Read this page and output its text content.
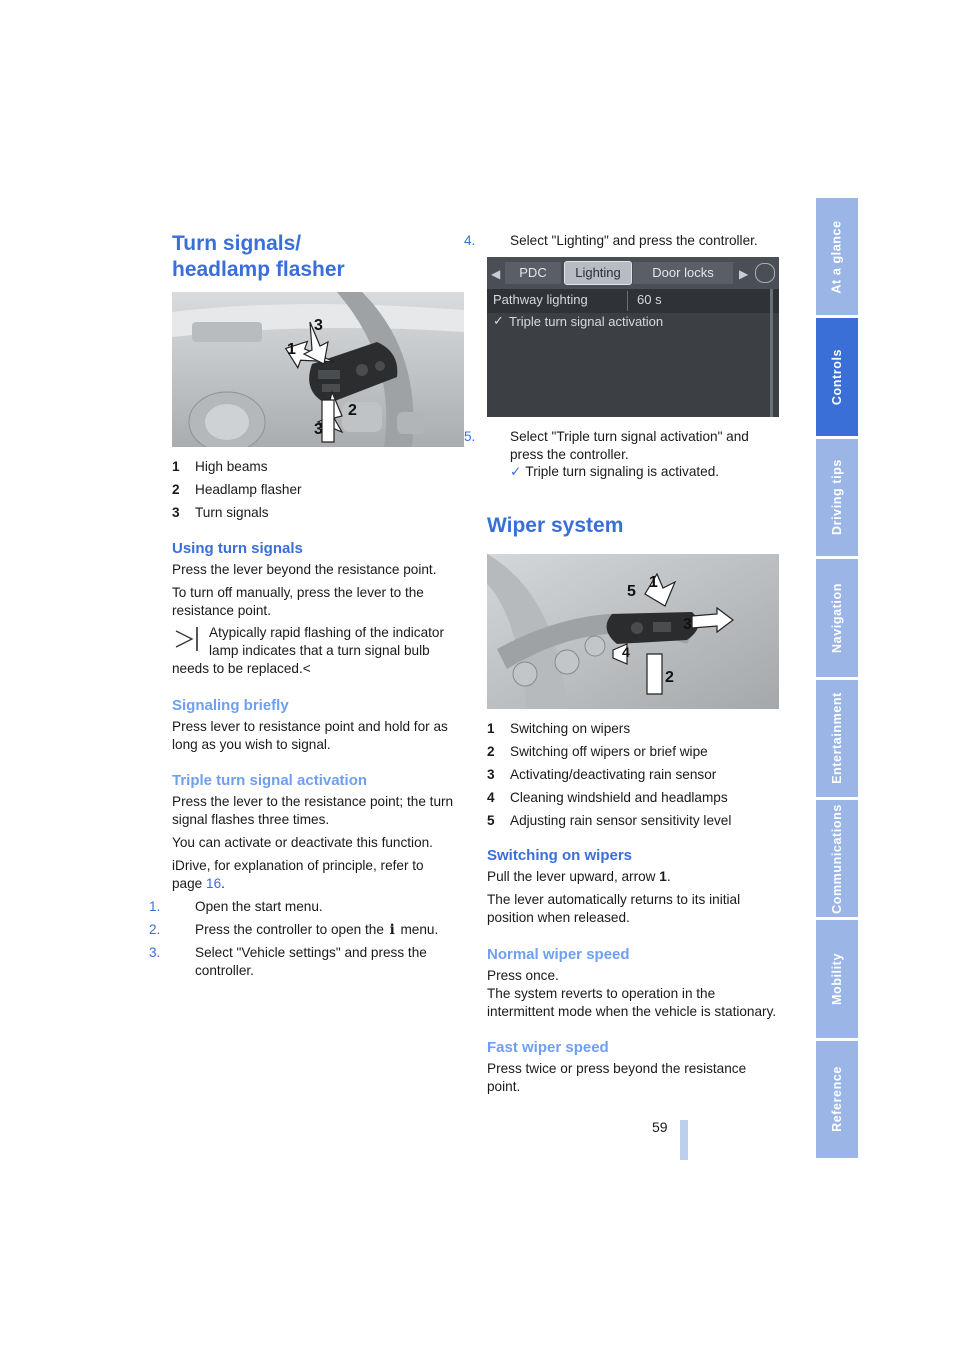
At a glance
Controls
Driving tips
Navigation
Entertainment
Communications
Mobility
Reference
Turn signals/
headlamp flasher
1
3
2
3
1	High beams
2	Headlamp flasher
3	Turn signals
Using turn signals

Press the lever beyond the resistance point.

To turn off manually, press the lever to the resistance point.

Atypically rapid flashing of the indicator
lamp indicates that a turn signal bulb

needs to be replaced.<

Signaling briefly

Press lever to resistance point and hold for as long as you wish to signal.

Triple turn signal activation

Press the lever to the resistance point; the turn signal flashes three times.

You can activate or deactivate this function.

iDrive, for explanation of principle, refer to page 16.

1.	Open the start menu.
2.	Press the controller to open the i menu.
3.	Select "Vehicle settings" and press the controller.
4.	Select "Lighting" and press the controller.
◀	PDC	Lighting	Door locks	▶
Pathway lighting	60 s
✓ Triple turn signal activation
5.	Select "Triple turn signal activation" and press the controller.
✓ Triple turn signaling is activated.
Wiper system
1
3
2
4
5
1	Switching on wipers
2	Switching off wipers or brief wipe
3	Activating/deactivating rain sensor
4	Cleaning windshield and headlamps
5	Adjusting rain sensor sensitivity level
Switching on wipers

Pull the lever upward, arrow 1.

The lever automatically returns to its initial position when released.

Normal wiper speed

Press once.

The system reverts to operation in the intermittent mode when the vehicle is stationary.

Fast wiper speed

Press twice or press beyond the resistance point.

59
